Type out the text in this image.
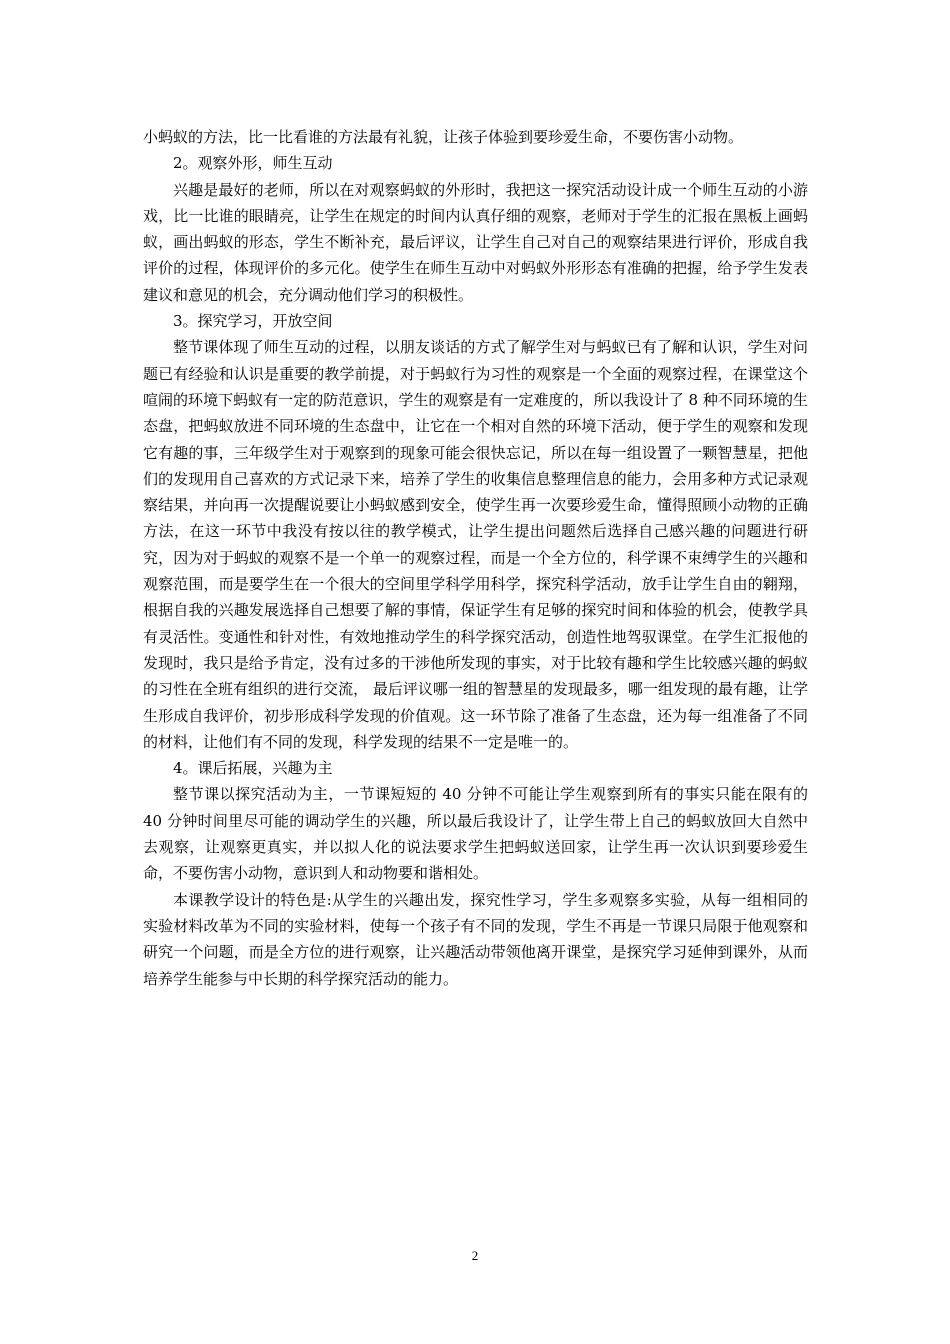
小蚂蚁的方法，比一比看谁的方法最有礼貌，让孩子体验到要珍爱生命，不要伤害小动物。

2。观察外形，师生互动

兴趣是最好的老师，所以在对观察蚂蚁的外形时，我把这一探究活动设计成一个师生互动的小游戏，比一比谁的眼睛亮，让学生在规定的时间内认真仔细的观察，老师对于学生的汇报在黑板上画蚂蚁，画出蚂蚁的形态，学生不断补充，最后评议，让学生自己对自己的观察结果进行评价，形成自我评价的过程，体现评价的多元化。使学生在师生互动中对蚂蚁外形形态有准确的把握，给予学生发表建议和意见的机会，充分调动他们学习的积极性。

3。探究学习，开放空间

整节课体现了师生互动的过程，以朋友谈话的方式了解学生对与蚂蚁已有了解和认识，学生对问题已有经验和认识是重要的教学前提，对于蚂蚁行为习性的观察是一个全面的观察过程，在课堂这个喧闹的环境下蚂蚁有一定的防范意识，学生的观察是有一定难度的，所以我设计了 8 种不同环境的生态盘，把蚂蚁放进不同环境的生态盘中，让它在一个相对自然的环境下活动，便于学生的观察和发现它有趣的事，三年级学生对于观察到的现象可能会很快忘记，所以在每一组设置了一颗智慧星，把他们的发现用自己喜欢的方式记录下来，培养了学生的收集信息整理信息的能力，会用多种方式记录观察结果，并向再一次提醒说要让小蚂蚁感到安全，使学生再一次要珍爱生命，懂得照顾小动物的正确方法，在这一环节中我没有按以往的教学模式，让学生提出问题然后选择自己感兴趣的问题进行研究，因为对于蚂蚁的观察不是一个单一的观察过程，而是一个全方位的，科学课不束缚学生的兴趣和观察范围，而是要学生在一个很大的空间里学科学用科学，探究科学活动，放手让学生自由的翱翔，根据自我的兴趣发展选择自己想要了解的事情，保证学生有足够的探究时间和体验的机会，使教学具有灵活性。变通性和针对性，有效地推动学生的科学探究活动，创造性地驾驭课堂。在学生汇报他的发现时，我只是给予肯定，没有过多的干涉他所发现的事实，对于比较有趣和学生比较感兴趣的蚂蚁的习性在全班有组织的进行交流， 最后评议哪一组的智慧星的发现最多，哪一组发现的最有趣，让学生形成自我评价，初步形成科学发现的价值观。这一环节除了准备了生态盘，还为每一组准备了不同的材料，让他们有不同的发现，科学发现的结果不一定是唯一的。

4。课后拓展，兴趣为主

整节课以探究活动为主，一节课短短的 40 分钟不可能让学生观察到所有的事实只能在限有的 40 分钟时间里尽可能的调动学生的兴趣，所以最后我设计了，让学生带上自己的蚂蚁放回大自然中去观察，让观察更真实，并以拟人化的说法要求学生把蚂蚁送回家，让学生再一次认识到要珍爱生命，不要伤害小动物，意识到人和动物要和谐相处。

本课教学设计的特色是:从学生的兴趣出发，探究性学习，学生多观察多实验，从每一组相同的实验材料改革为不同的实验材料，使每一个孩子有不同的发现，学生不再是一节课只局限于他观察和研究一个问题，而是全方位的进行观察，让兴趣活动带领他离开课堂，是探究学习延伸到课外，从而培养学生能参与中长期的科学探究活动的能力。

2
